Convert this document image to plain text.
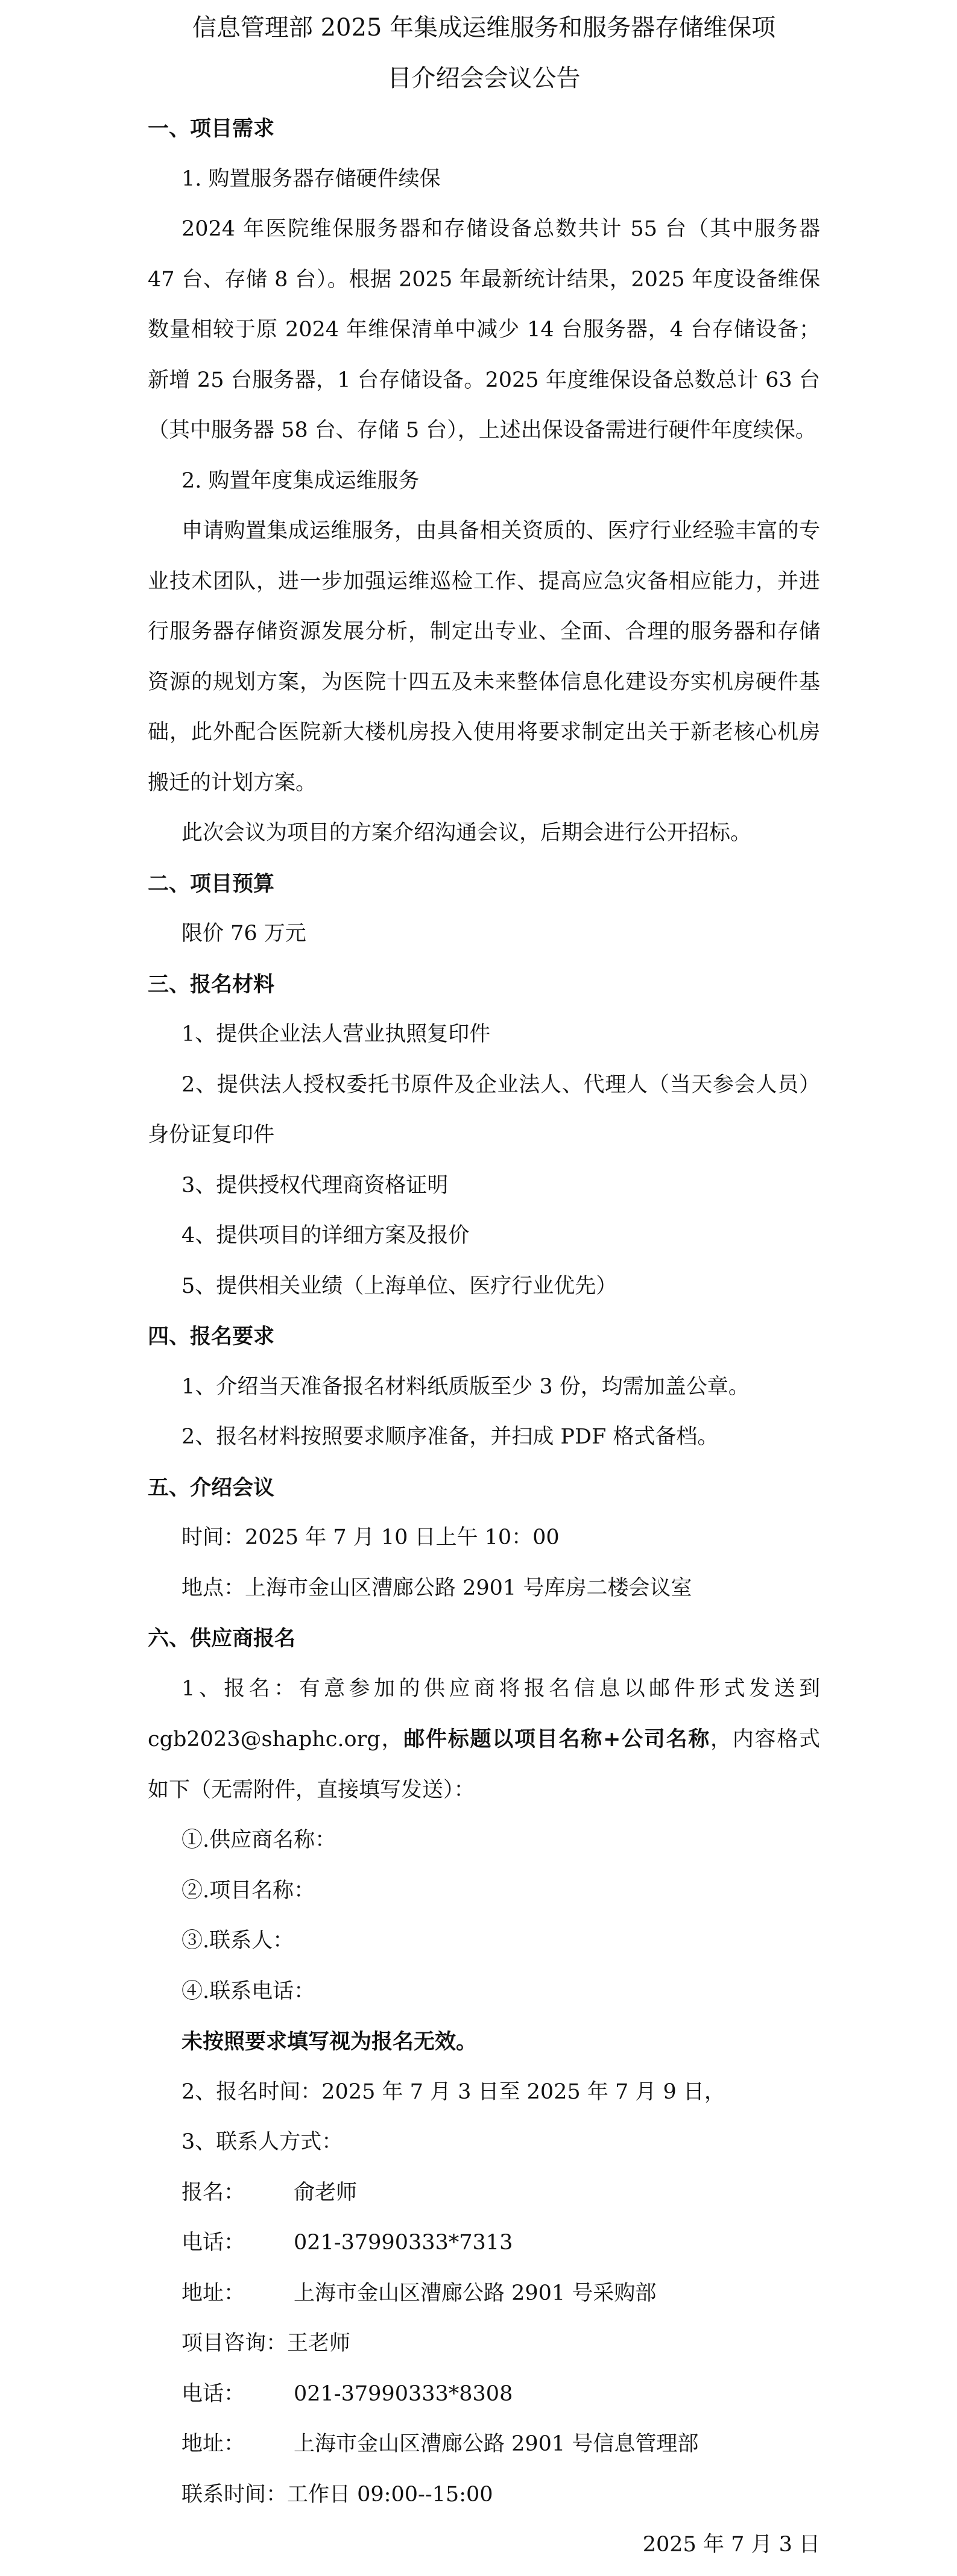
信息管理部 2025 年集成运维服务和服务器存储维保项
目介绍会会议公告
一、项目需求
1. 购置服务器存储硬件续保

2024 年医院维保服务器和存储设备总数共计 55 台（其中服务器 47 台、存储 8 台）。根据 2025 年最新统计结果，2025 年度设备维保数量相较于原 2024 年维保清单中减少 14 台服务器，4 台存储设备；新增 25 台服务器，1 台存储设备。2025 年度维保设备总数总计 63 台（其中服务器 58 台、存储 5 台），上述出保设备需进行硬件年度续保。

2. 购置年度集成运维服务

申请购置集成运维服务，由具备相关资质的、医疗行业经验丰富的专业技术团队，进一步加强运维巡检工作、提高应急灾备相应能力，并进行服务器存储资源发展分析，制定出专业、全面、合理的服务器和存储资源的规划方案，为医院十四五及未来整体信息化建设夯实机房硬件基础，此外配合医院新大楼机房投入使用将要求制定出关于新老核心机房搬迁的计划方案。

此次会议为项目的方案介绍沟通会议，后期会进行公开招标。
二、项目预算
限价 76 万元
三、报名材料
1、提供企业法人营业执照复印件

2、提供法人授权委托书原件及企业法人、代理人（当天参会人员）身份证复印件

3、提供授权代理商资格证明
4、提供项目的详细方案及报价
5、提供相关业绩（上海单位、医疗行业优先）
四、报名要求
1、介绍当天准备报名材料纸质版至少 3 份，均需加盖公章。
2、报名材料按照要求顺序准备，并扫成 PDF 格式备档。
五、介绍会议
时间：2025 年 7 月 10 日上午 10：00
地点：上海市金山区漕廊公路 2901 号库房二楼会议室
六、供应商报名

1、报名：有意参加的供应商将报名信息以邮件形式发送到 cgb2023@shaphc.org，邮件标题以项目名称+公司名称，内容格式如下（无需附件，直接填写发送）：

①.供应商名称：
②.项目名称：
③.联系人：
④.联系电话：
未按照要求填写视为报名无效。
2、报名时间：2025 年 7 月 3 日至 2025 年 7 月 9 日，
3、联系人方式：
报名： 俞老师
电话： 021-37990333*7313
地址： 上海市金山区漕廊公路 2901 号采购部
项目咨询：王老师
电话： 021-37990333*8308
地址： 上海市金山区漕廊公路 2901 号信息管理部
联系时间：工作日 09:00--15:00
2025 年 7 月 3 日
